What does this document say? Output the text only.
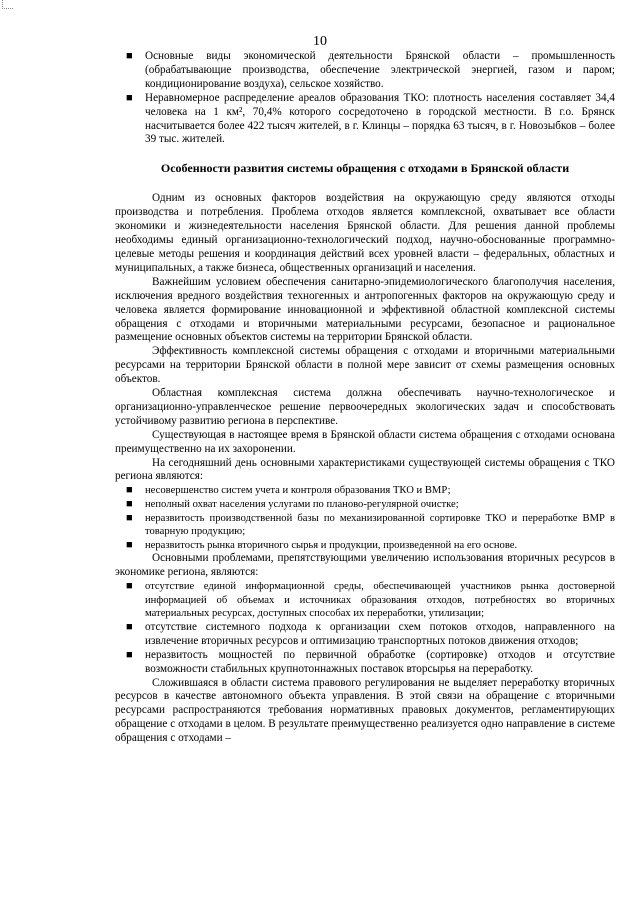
10
■ Основные виды экономической деятельности Брянской области – промышленность (обрабатывающие производства, обеспечение электрической энергией, газом и паром; кондиционирование воздуха), сельское хозяйство.
■ Неравномерное распределение ареалов образования ТКО: плотность населения составляет 34,4 человека на 1 км², 70,4% которого сосредоточено в городской местности. В г.о. Брянск насчитывается более 422 тысяч жителей, в г. Клинцы – порядка 63 тысяч, в г. Новозыбков – более 39 тыс. жителей.
Особенности развития системы обращения с отходами в Брянской области
Одним из основных факторов воздействия на окружающую среду являются отходы производства и потребления. Проблема отходов является комплексной, охватывает все области экономики и жизнедеятельности населения Брянской области. Для решения данной проблемы необходимы единый организационно-технологический подход, научно-обоснованные программно-целевые методы решения и координация действий всех уровней власти – федеральных, областных и муниципальных, а также бизнеса, общественных организаций и населения.
Важнейшим условием обеспечения санитарно-эпидемиологического благополучия населения, исключения вредного воздействия техногенных и антропогенных факторов на окружающую среду и человека является формирование инновационной и эффективной областной комплексной системы обращения с отходами и вторичными материальными ресурсами, безопасное и рациональное размещение основных объектов системы на территории Брянской области.
Эффективность комплексной системы обращения с отходами и вторичными материальными ресурсами на территории Брянской области в полной мере зависит от схемы размещения основных объектов.
Областная комплексная система должна обеспечивать научно-технологическое и организационно-управленческое решение первоочередных экологических задач и способствовать устойчивому развитию региона в перспективе.
Существующая в настоящее время в Брянской области система обращения с отходами основана преимущественно на их захоронении.
На сегодняшний день основными характеристиками существующей системы обращения с ТКО региона являются:
■ несовершенство систем учета и контроля образования ТКО и ВМР;
■ неполный охват населения услугами по планово-регулярной очистке;
■ неразвитость производственной базы по механизированной сортировке ТКО и переработке ВМР в товарную продукцию;
■ неразвитость рынка вторичного сырья и продукции, произведенной на его основе.
Основными проблемами, препятствующими увеличению использования вторичных ресурсов в экономике региона, являются:
■ отсутствие единой информационной среды, обеспечивающей участников рынка достоверной информацией об объемах и источниках образования отходов, потребностях во вторичных материальных ресурсах, доступных способах их переработки, утилизации;
■ отсутствие системного подхода к организации схем потоков отходов, направленного на извлечение вторичных ресурсов и оптимизацию транспортных потоков движения отходов;
■ неразвитость мощностей по первичной обработке (сортировке) отходов и отсутствие возможности стабильных крупнотоннажных поставок вторсырья на переработку.
Сложившаяся в области система правового регулирования не выделяет переработку вторичных ресурсов в качестве автономного объекта управления. В этой связи на обращение с вторичными ресурсами распространяются требования нормативных правовых документов, регламентирующих обращение с отходами в целом. В результате преимущественно реализуется одно направление в системе обращения с отходами –
